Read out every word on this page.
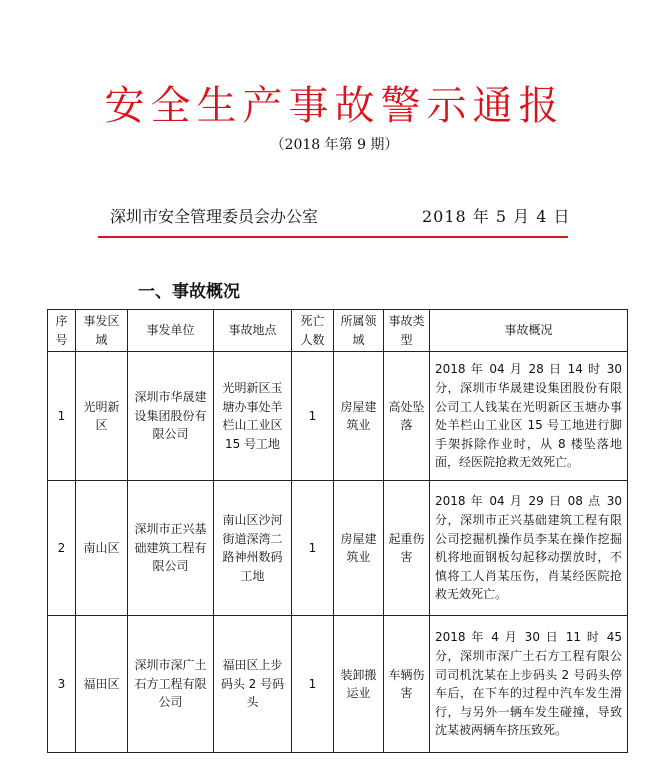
安全生产事故警示通报
（2018 年第 9 期）
深圳市安全管理委员会办公室	2018 年 5 月 4 日
一、事故概况
序号	事发区域	事发单位	事故地点	死亡人数	所属领域	事故类型	事故概况
1	光明新区	深圳市华晟建设集团股份有限公司	光明新区玉塘办事处羊栏山工业区 15 号工地	1	房屋建筑业	高处坠落	2018 年 04 月 28 日 14 时 30 分，深圳市华晟建设集团股份有限公司工人钱某在光明新区玉塘办事处羊栏山工业区 15 号工地进行脚手架拆除作业时，从 8 楼坠落地面，经医院抢救无效死亡。
2	南山区	深圳市正兴基础建筑工程有限公司	南山区沙河街道深湾二路神州数码工地	1	房屋建筑业	起重伤害	2018 年 04 月 29 日 08 点 30 分，深圳市正兴基础建筑工程有限公司挖掘机操作员李某在操作挖掘机将地面钢板勾起移动摆放时，不慎将工人肖某压伤，肖某经医院抢救无效死亡。
3	福田区	深圳市深广土石方工程有限公司	福田区上步码头 2 号码头	1	装卸搬运业	车辆伤害	2018 年 4 月 30 日 11 时 45 分，深圳市深广土石方工程有限公司司机沈某在上步码头 2 号码头停车后，在下车的过程中汽车发生滑行，与另外一辆车发生碰撞，导致沈某被两辆车挤压致死。
